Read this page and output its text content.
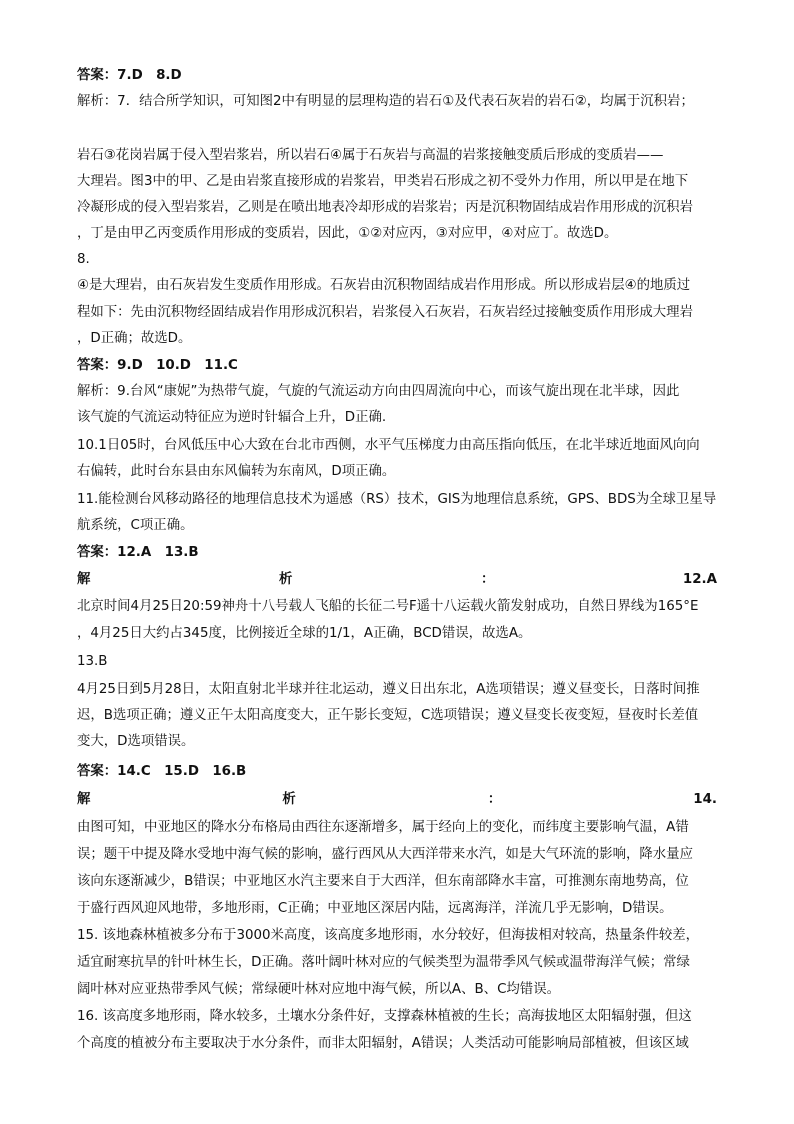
答案：7.D　8.D
解析：7．结合所学知识，可知图2中有明显的层理构造的岩石①及代表石灰岩的岩石②，均属于沉积岩；
岩石③花岗岩属于侵入型岩浆岩，所以岩石④属于石灰岩与高温的岩浆接触变质后形成的变质岩——
大理岩。图3中的甲、乙是由岩浆直接形成的岩浆岩，甲类岩石形成之初不受外力作用，所以甲是在地下
冷凝形成的侵入型岩浆岩，乙则是在喷出地表冷却形成的岩浆岩；丙是沉积物固结成岩作用形成的沉积岩
，丁是由甲乙丙变质作用形成的变质岩，因此，①②对应丙，③对应甲，④对应丁。故选D。
8.
④是大理岩，由石灰岩发生变质作用形成。石灰岩由沉积物固结成岩作用形成。所以形成岩层④的地质过
程如下：先由沉积物经固结成岩作用形成沉积岩，岩浆侵入石灰岩，石灰岩经过接触变质作用形成大理岩
，D正确；故选D。
答案：9.D　10.D　11.C
解析：9.台风“康妮”为热带气旋，气旋的气流运动方向由四周流向中心，而该气旋出现在北半球，因此
该气旋的气流运动特征应为逆时针辐合上升，D正确.
10.1日05时，台风低压中心大致在台北市西侧，水平气压梯度力由高压指向低压，在北半球近地面风向向
右偏转，此时台东县由东风偏转为东南风，D项正确。
11.能检测台风移动路径的地理信息技术为遥感（RS）技术，GIS为地理信息系统，GPS、BDS为全球卫星导
航系统，C项正确。
答案：12.A　13.B
解	析	：	12.A
北京时间4月25日20:59神舟十八号载人飞船的长征二号F遥十八运载火箭发射成功，自然日界线为165°E
，4月25日大约占345度，比例接近全球的1/1，A正确，BCD错误，故选A。
13.B
4月25日到5月28日，太阳直射北半球并往北运动，遵义日出东北，A选项错误；遵义昼变长，日落时间推
迟，B选项正确；遵义正午太阳高度变大，正午影长变短，C选项错误；遵义昼变长夜变短，昼夜时长差值
变大，D选项错误。
答案：14.C　15.D　16.B
解	析	：	14.
由图可知，中亚地区的降水分布格局由西往东逐渐增多，属于经向上的变化，而纬度主要影响气温，A错
误；题干中提及降水受地中海气候的影响，盛行西风从大西洋带来水汽，如是大气环流的影响，降水量应
该向东逐渐减少，B错误；中亚地区水汽主要来自于大西洋，但东南部降水丰富，可推测东南地势高，位
于盛行西风迎风地带，多地形雨，C正确；中亚地区深居内陆，远离海洋，洋流几乎无影响，D错误。
15. 该地森林植被多分布于3000米高度，该高度多地形雨，水分较好，但海拔相对较高，热量条件较差，
适宜耐寒抗旱的针叶林生长，D正确。落叶阔叶林对应的气候类型为温带季风气候或温带海洋气候；常绿
阔叶林对应亚热带季风气候；常绿硬叶林对应地中海气候，所以A、B、C均错误。
16. 该高度多地形雨，降水较多，土壤水分条件好，支撑森林植被的生长；高海拔地区太阳辐射强，但这
个高度的植被分布主要取决于水分条件，而非太阳辐射，A错误；人类活动可能影响局部植被，但该区域
